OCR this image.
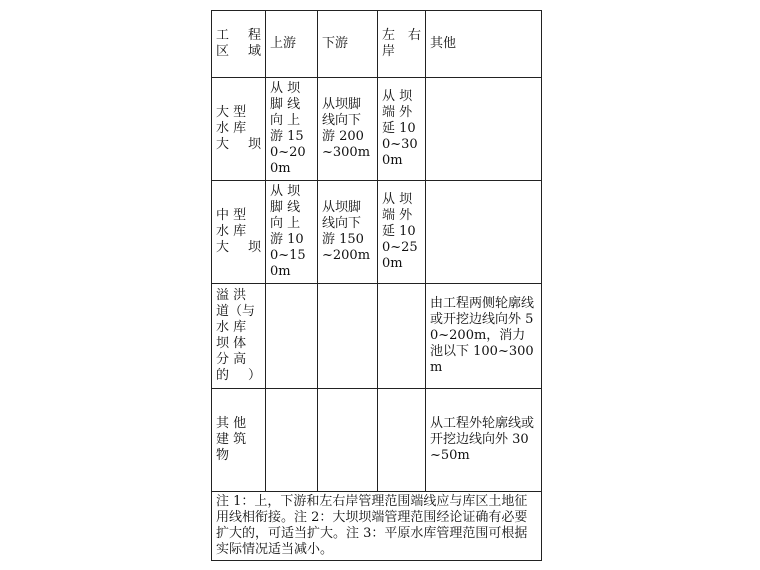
工 程 区域	上游	下游	左 右 岸	其他
大 型 水 库 大坝	从 坝 脚 线 向 上 游 15 0~20 0m	从坝脚线向下游 200 ~300m	从 坝 端 外 延 10 0~30 0m	
中 型 水 库 大坝	从 坝 脚 线 向 上 游 10 0~15 0m	从坝脚线向下游 150 ~200m	从 坝 端 外 延 10 0~25 0m	
溢 洪 道（与 水 库 坝 体 分 高 的）				由工程两侧轮廓线或开挖边线向外 50~200m，消力池以下 100~300m
其 他 建 筑 物				从工程外轮廓线或开挖边线向外 30~50m
注 1：上，下游和左右岸管理范围端线应与库区土地征用线相衔接。注 2：大坝坝端管理范围经论证确有必要扩大的，可适当扩大。注 3：平原水库管理范围可根据实际情况适当减小。				
